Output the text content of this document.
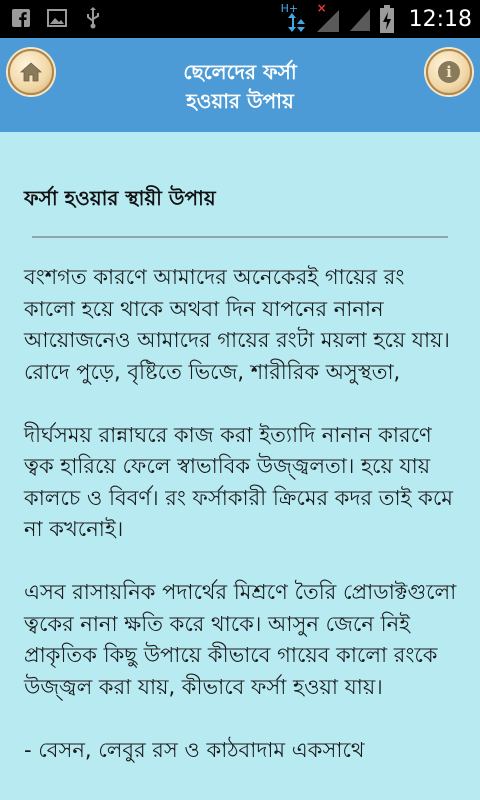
H+ ×	12:18
ছেলেদের ফর্সা
হওয়ার উপায়
i
ফর্সা হওয়ার স্থায়ী উপায়

বংশগত কারণে আমাদের অনেকেরই গায়ের রং কালো হয়ে থাকে অথবা দিন যাপনের নানান আয়োজনেও আমাদের গায়ের রংটা ময়লা হয়ে যায়। রোদে পুড়ে, বৃষ্টিতে ভিজে, শারীরিক অসুস্থতা,

দীর্ঘসময় রান্নাঘরে কাজ করা ইত্যাদি নানান কারণে ত্বক হারিয়ে ফেলে স্বাভাবিক উজ্জ্বলতা। হয়ে যায় কালচে ও বিবর্ণ। রং ফর্সাকারী ক্রিমের কদর তাই কমে না কখনোই।

এসব রাসায়নিক পদার্থের মিশ্রণে তৈরি প্রোডাক্টগুলো ত্বকের নানা ক্ষতি করে থাকে। আসুন জেনে নিই প্রাকৃতিক কিছু উপায়ে কীভাবে গায়েব কালো রংকে উজ্জ্বল করা যায়, কীভাবে ফর্সা হওয়া যায়।

- বেসন, লেবুর রস ও কাঠবাদাম একসাথে
